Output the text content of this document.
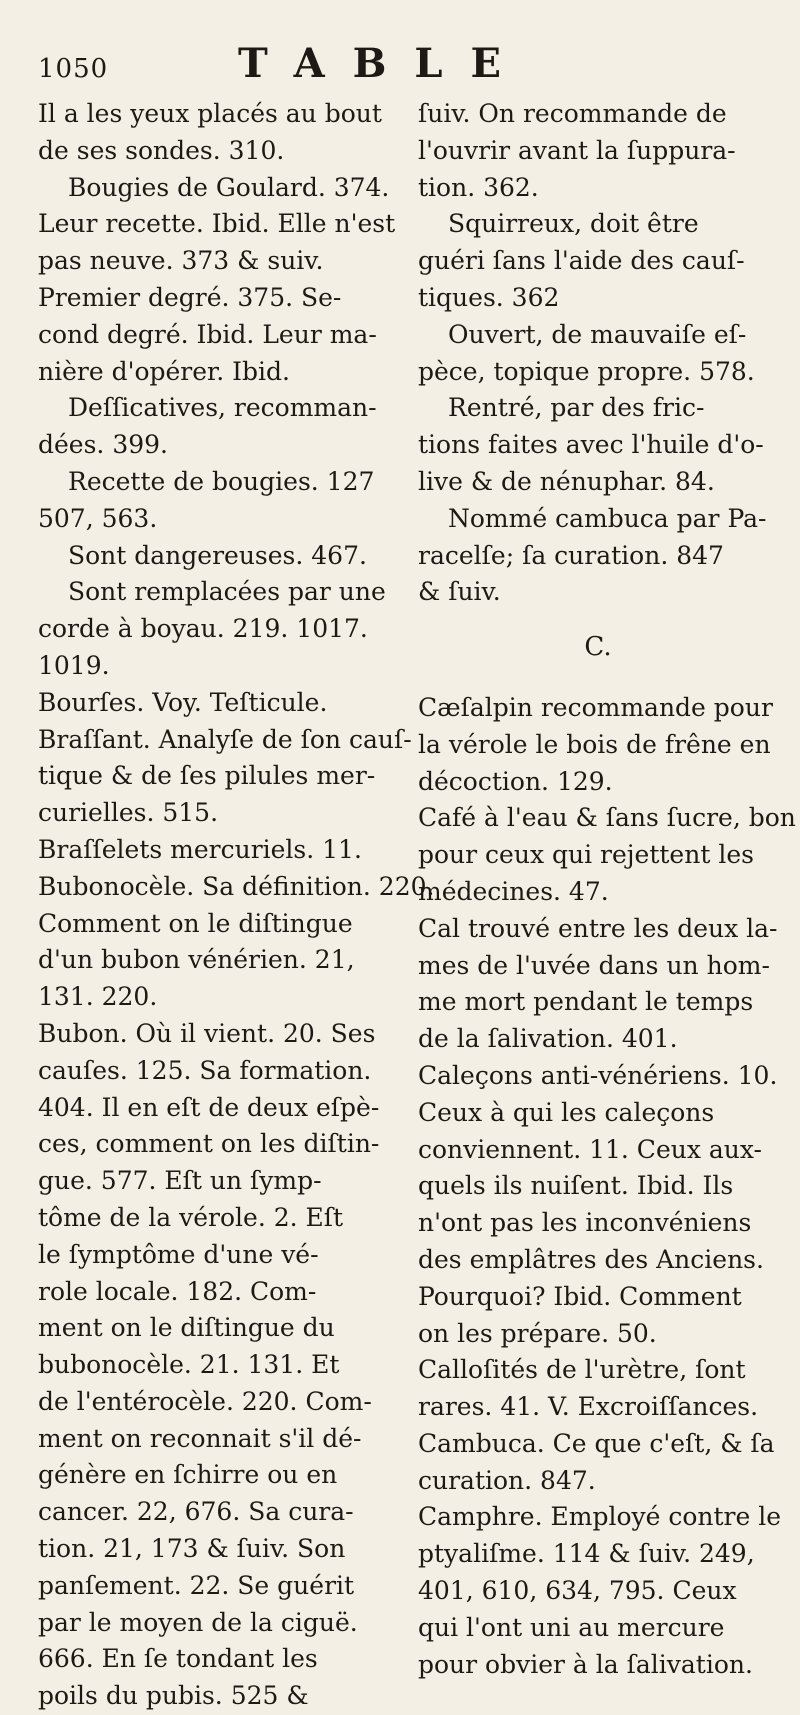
1050	TABLE
Il a les yeux placés au bout
de ses sondes. 310.
Bougies de Goulard. 374.
Leur recette. Ibid. Elle n'est
pas neuve. 373 & suiv.
Premier degré. 375. Se-
cond degré. Ibid. Leur ma-
nière d'opérer. Ibid.
Deſſicatives, recomman-
dées. 399.
Recette de bougies. 127
507, 563.
Sont dangereuses. 467.
Sont remplacées par une
corde à boyau. 219. 1017.
1019.
Bourſes. Voy. Teſticule.
Braſſant. Analyſe de ſon cauſ-
tique & de ſes pilules mer-
curielles. 515.
Braſſelets mercuriels. 11.
Bubonocèle. Sa définition. 220.
Comment on le diſtingue
d'un bubon vénérien. 21,
131. 220.
Bubon. Où il vient. 20. Ses
cauſes. 125. Sa formation.
404. Il en eſt de deux eſpè-
ces, comment on les diſtin-
gue. 577. Eſt un ſymp-
tôme de la vérole. 2. Eſt
le ſymptôme d'une vé-
role locale. 182. Com-
ment on le diſtingue du
bubonocèle. 21. 131. Et
de l'entérocèle. 220. Com-
ment on reconnait s'il dé-
génère en ſchirre ou en
cancer. 22, 676. Sa cura-
tion. 21, 173 & ſuiv. Son
panſement. 22. Se guérit
par le moyen de la ciguë.
666. En ſe tondant les
poils du pubis. 525 &
ſuiv. On recommande de
l'ouvrir avant la ſuppura-
tion. 362.
Squirreux, doit être
guéri ſans l'aide des cauſ-
tiques. 362
Ouvert, de mauvaiſe eſ-
pèce, topique propre. 578.
Rentré, par des fric-
tions faites avec l'huile d'o-
live & de nénuphar. 84.
Nommé cambuca par Pa-
racelſe; ſa curation. 847
& ſuiv.
C.
Cæſalpin recommande pour
la vérole le bois de frêne en
décoction. 129.
Café à l'eau & ſans ſucre, bon
pour ceux qui rejettent les
médecines. 47.
Cal trouvé entre les deux la-
mes de l'uvée dans un hom-
me mort pendant le temps
de la ſalivation. 401.
Caleçons anti-vénériens. 10.
Ceux à qui les caleçons
conviennent. 11. Ceux aux-
quels ils nuiſent. Ibid. Ils
n'ont pas les inconvéniens
des emplâtres des Anciens.
Pourquoi? Ibid. Comment
on les prépare. 50.
Calloſités de l'urètre, ſont
rares. 41. V. Excroiſſances.
Cambuca. Ce que c'eſt, & ſa
curation. 847.
Camphre. Employé contre le
ptyaliſme. 114 & ſuiv. 249,
401, 610, 634, 795. Ceux
qui l'ont uni au mercure
pour obvier à la ſalivation.
